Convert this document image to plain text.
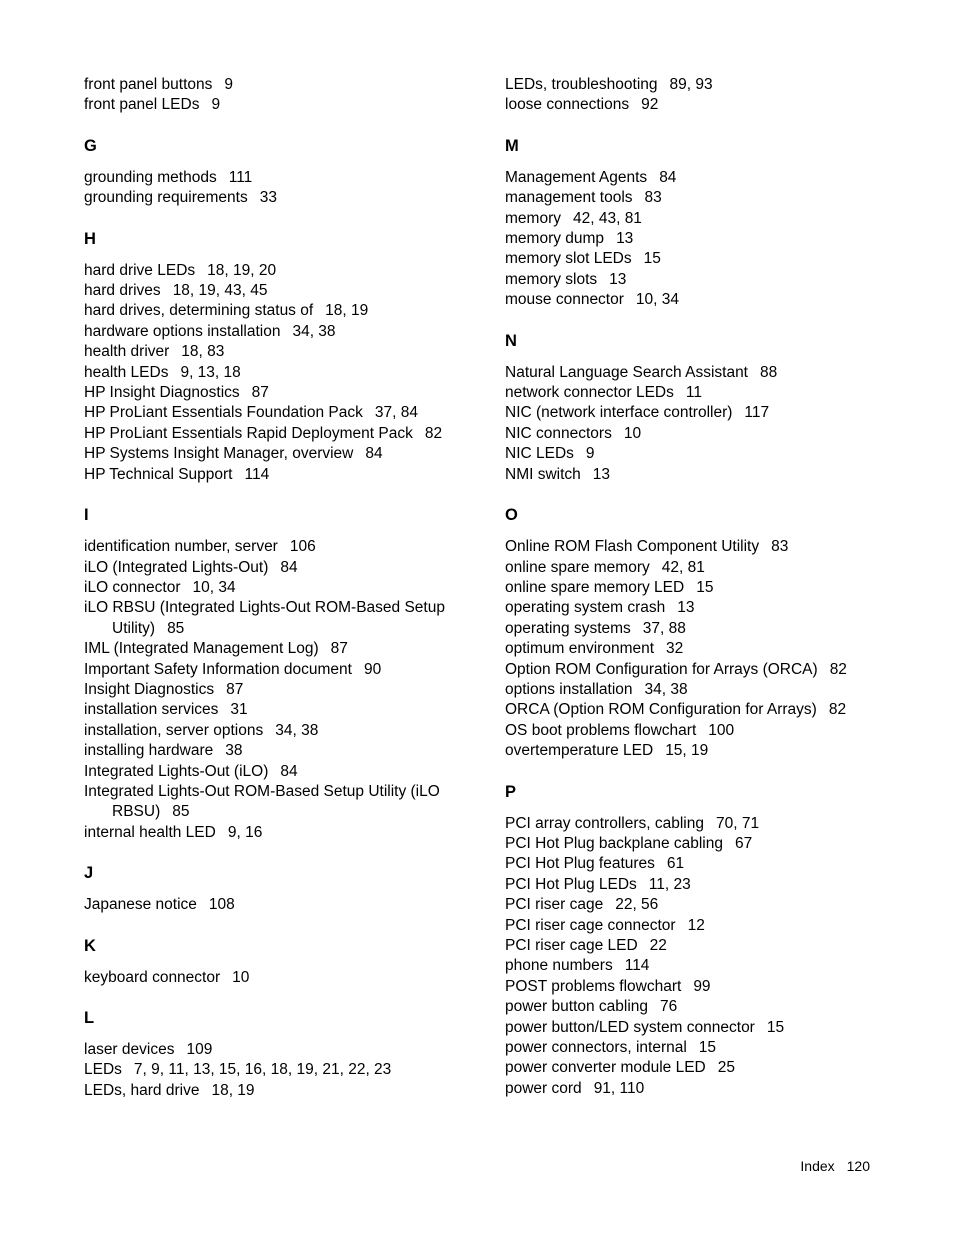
front panel buttons 9
front panel LEDs 9
G
grounding methods 111
grounding requirements 33
H
hard drive LEDs 18, 19, 20
hard drives 18, 19, 43, 45
hard drives, determining status of 18, 19
hardware options installation 34, 38
health driver 18, 83
health LEDs 9, 13, 18
HP Insight Diagnostics 87
HP ProLiant Essentials Foundation Pack 37, 84
HP ProLiant Essentials Rapid Deployment Pack 82
HP Systems Insight Manager, overview 84
HP Technical Support 114
I
identification number, server 106
iLO (Integrated Lights-Out) 84
iLO connector 10, 34
iLO RBSU (Integrated Lights-Out ROM-Based Setup Utility) 85
IML (Integrated Management Log) 87
Important Safety Information document 90
Insight Diagnostics 87
installation services 31
installation, server options 34, 38
installing hardware 38
Integrated Lights-Out (iLO) 84
Integrated Lights-Out ROM-Based Setup Utility (iLO RBSU) 85
internal health LED 9, 16
J
Japanese notice 108
K
keyboard connector 10
L
laser devices 109
LEDs 7, 9, 11, 13, 15, 16, 18, 19, 21, 22, 23
LEDs, hard drive 18, 19
LEDs, troubleshooting 89, 93
loose connections 92
M
Management Agents 84
management tools 83
memory 42, 43, 81
memory dump 13
memory slot LEDs 15
memory slots 13
mouse connector 10, 34
N
Natural Language Search Assistant 88
network connector LEDs 11
NIC (network interface controller) 117
NIC connectors 10
NIC LEDs 9
NMI switch 13
O
Online ROM Flash Component Utility 83
online spare memory 42, 81
online spare memory LED 15
operating system crash 13
operating systems 37, 88
optimum environment 32
Option ROM Configuration for Arrays (ORCA) 82
options installation 34, 38
ORCA (Option ROM Configuration for Arrays) 82
OS boot problems flowchart 100
overtemperature LED 15, 19
P
PCI array controllers, cabling 70, 71
PCI Hot Plug backplane cabling 67
PCI Hot Plug features 61
PCI Hot Plug LEDs 11, 23
PCI riser cage 22, 56
PCI riser cage connector 12
PCI riser cage LED 22
phone numbers 114
POST problems flowchart 99
power button cabling 76
power button/LED system connector 15
power connectors, internal 15
power converter module LED 25
power cord 91, 110
Index 120
